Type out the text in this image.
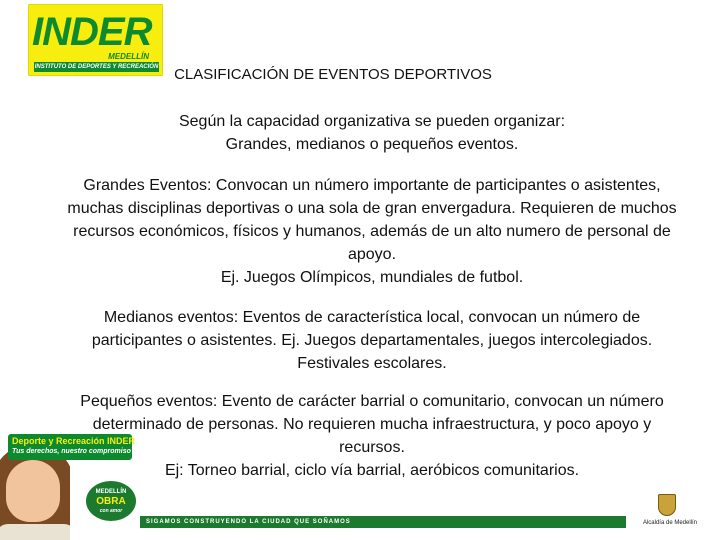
INDER
MEDELLÍN
INSTITUTO DE DEPORTES Y RECREACIÓN	CLASIFICACIÓN DE EVENTOS DEPORTIVOS
Según la capacidad organizativa se pueden organizar:
Grandes, medianos o pequeños eventos.
Grandes Eventos: Convocan un número importante de participantes o asistentes, muchas disciplinas deportivas o una sola de gran envergadura. Requieren de muchos recursos económicos, físicos y humanos, además de un alto numero de personal de apoyo.
Ej. Juegos Olímpicos, mundiales de futbol.
Medianos eventos: Eventos de característica local, convocan un número de participantes o asistentes. Ej. Juegos departamentales, juegos intercolegiados. Festivales escolares.
Pequeños eventos: Evento de carácter barrial o comunitario, convocan un número determinado de personas. No requieren mucha infraestructura, y poco apoyo y recursos.
Ej: Torneo barrial, ciclo vía barrial, aeróbicos comunitarios.
Deporte y Recreación INDER
Tus derechos, nuestro compromiso
MEDELLÍN
OBRA
con amor
SIGAMOS CONSTRUYENDO LA CIUDAD QUE SOÑAMOS	Alcaldía de Medellín
